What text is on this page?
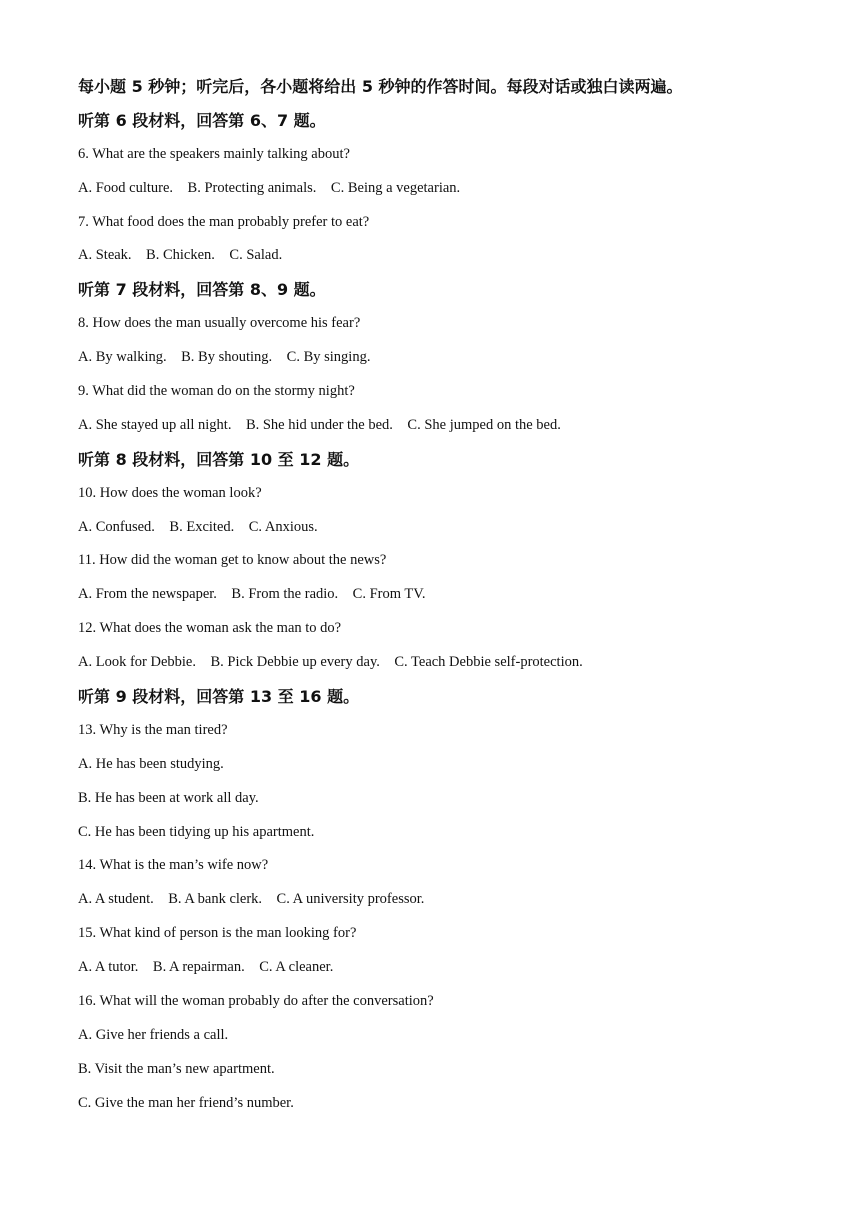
每小题 5 秒钟；听完后，各小题将给出 5 秒钟的作答时间。每段对话或独白读两遍。
听第 6 段材料，回答第 6、7 题。
6. What are the speakers mainly talking about?
A. Food culture.    B. Protecting animals.    C. Being a vegetarian.
7. What food does the man probably prefer to eat?
A. Steak.    B. Chicken.    C. Salad.
听第 7 段材料，回答第 8、9 题。
8. How does the man usually overcome his fear?
A. By walking.    B. By shouting.    C. By singing.
9. What did the woman do on the stormy night?
A. She stayed up all night.    B. She hid under the bed.    C. She jumped on the bed.
听第 8 段材料，回答第 10 至 12 题。
10. How does the woman look?
A. Confused.    B. Excited.    C. Anxious.
11. How did the woman get to know about the news?
A. From the newspaper.    B. From the radio.    C. From TV.
12. What does the woman ask the man to do?
A. Look for Debbie.    B. Pick Debbie up every day.    C. Teach Debbie self-protection.
听第 9 段材料，回答第 13 至 16 题。
13. Why is the man tired?
A. He has been studying.
B. He has been at work all day.
C. He has been tidying up his apartment.
14. What is the man’s wife now?
A. A student.    B. A bank clerk.    C. A university professor.
15. What kind of person is the man looking for?
A. A tutor.    B. A repairman.    C. A cleaner.
16. What will the woman probably do after the conversation?
A. Give her friends a call.
B. Visit the man’s new apartment.
C. Give the man her friend’s number.
